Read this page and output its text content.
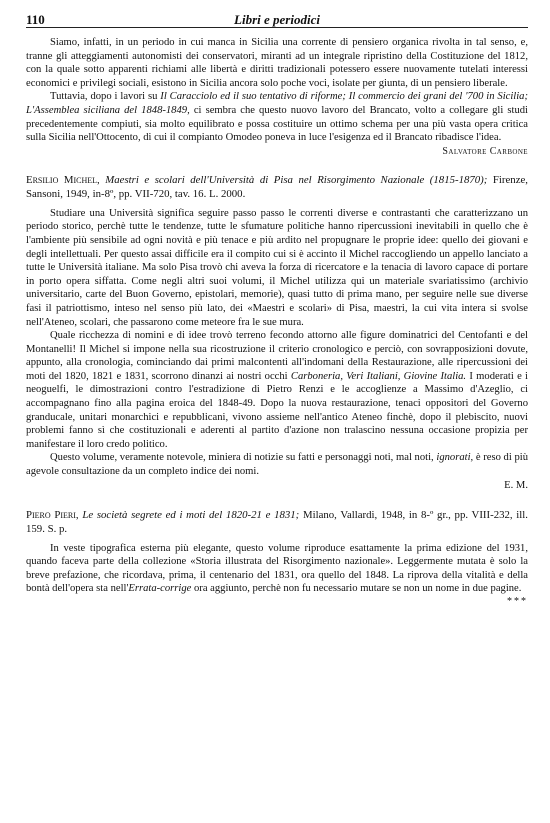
110	Libri e periodici

Siamo, infatti, in un periodo in cui manca in Sicilia una corrente di pensiero organica rivolta in tal senso, e, tranne gli atteggiamenti autonomisti dei conservatori, miranti ad un integrale ripristino della Costituzione del 1812, con la quale sotto apparenti richiami alle libertà e diritti tradizionali potessero essere nuovamente tutelati interessi economici e privilegi sociali, esistono in Sicilia ancora solo poche voci, isolate per giunta, di un pensiero liberale.

Tuttavia, dopo i lavori su Il Caracciolo ed il suo tentativo di riforme; Il commercio dei grani del '700 in Sicilia; L'Assemblea siciliana del 1848-1849, ci sembra che questo nuovo lavoro del Brancato, volto a collegare gli studi precedentemente compiuti, sia molto equilibrato e possa costituire un ottimo schema per una più vasta opera critica sulla Sicilia nell'Ottocento, di cui il compianto Omodeo poneva in luce l'esigenza ed il Brancato ribadisce l'idea.

Salvatore Carbone
Ersilio Michel, Maestri e scolari dell'Università di Pisa nel Risorgimento Nazionale (1815-1870); Firenze, Sansoni, 1949, in-8º, pp. VII-720, tav. 16. L. 2000.

Studiare una Università significa seguire passo passo le correnti diverse e contrastanti che caratterizzano un periodo storico, perchè tutte le tendenze, tutte le sfumature politiche hanno ripercussioni inevitabili in quello che è l'ambiente più sensibile ad ogni novità e più tenace e più ardito nel propugnare le proprie idee: quello dei giovani e degli intellettuali. Per questo assai difficile era il compito cui si è accinto il Michel raccogliendo un appello lanciato a tutte le Università italiane. Ma solo Pisa trovò chi aveva la forza di ricercatore e la tenacia di lavoro capace di portare in porto opera siffatta. Come negli altri suoi volumi, il Michel utilizza qui un materiale svariatissimo (archivio universitario, carte del Buon Governo, epistolari, memorie), quasi tutto di prima mano, per seguire nelle sue diverse fasi il patriottismo, inteso nel senso più lato, dei «Maestri e scolari» di Pisa, maestri, la cui vita intera si svolse nell'Ateneo, scolari, che passarono come meteore fra le sue mura.

Quale ricchezza di nomini e di idee trovò terreno fecondo attorno alle figure dominatrici del Centofanti e del Montanelli! Il Michel si impone nella sua ricostruzione il criterio cronologico e perciò, con sovrapposizioni dovute, appunto, alla cronologia, cominciando dai primi malcontenti all'indomani della Restaurazione, alle ripercussioni dei moti del 1820, 1821 e 1831, scorrono dinanzi ai nostri occhi Carboneria, Veri Italiani, Giovine Italia. I moderati e i neoguelfi, le dimostrazioni contro l'estradizione di Pietro Renzi e le accoglienze a Massimo d'Azeglio, ci accompagnano fino alla pagina eroica del 1848-49. Dopo la nuova restaurazione, tenaci oppositori del Governo granducale, unitari monarchici e repubblicani, vivono assieme nell'antico Ateneo finchè, dopo il plebiscito, nuovi problemi fanno sì che costituzionali e aderenti al partito d'azione non tralascino nessuna occasione propizia per manifestare il loro credo politico.

Questo volume, veramente notevole, miniera di notizie su fatti e personaggi noti, mal noti, ignorati, è reso di più agevole consultazione da un completo indice dei nomi.

E. M.
Piero Pieri, Le società segrete ed i moti del 1820-21 e 1831; Milano, Vallardi, 1948, in 8-º gr., pp. VIII-232, ill. 159. S. p.

In veste tipografica esterna più elegante, questo volume riproduce esattamente la prima edizione del 1931, quando faceva parte della collezione «Storia illustrata del Risorgimento nazionale». Leggermente mutata è solo la breve prefazione, che ricordava, prima, il centenario del 1831, ora quello del 1848. La riprova della vitalità e della bontà dell'opera sta nell'Errata-corrige ora aggiunto, perchè non fu necessario mutare se non un nome in due pagine.

***
